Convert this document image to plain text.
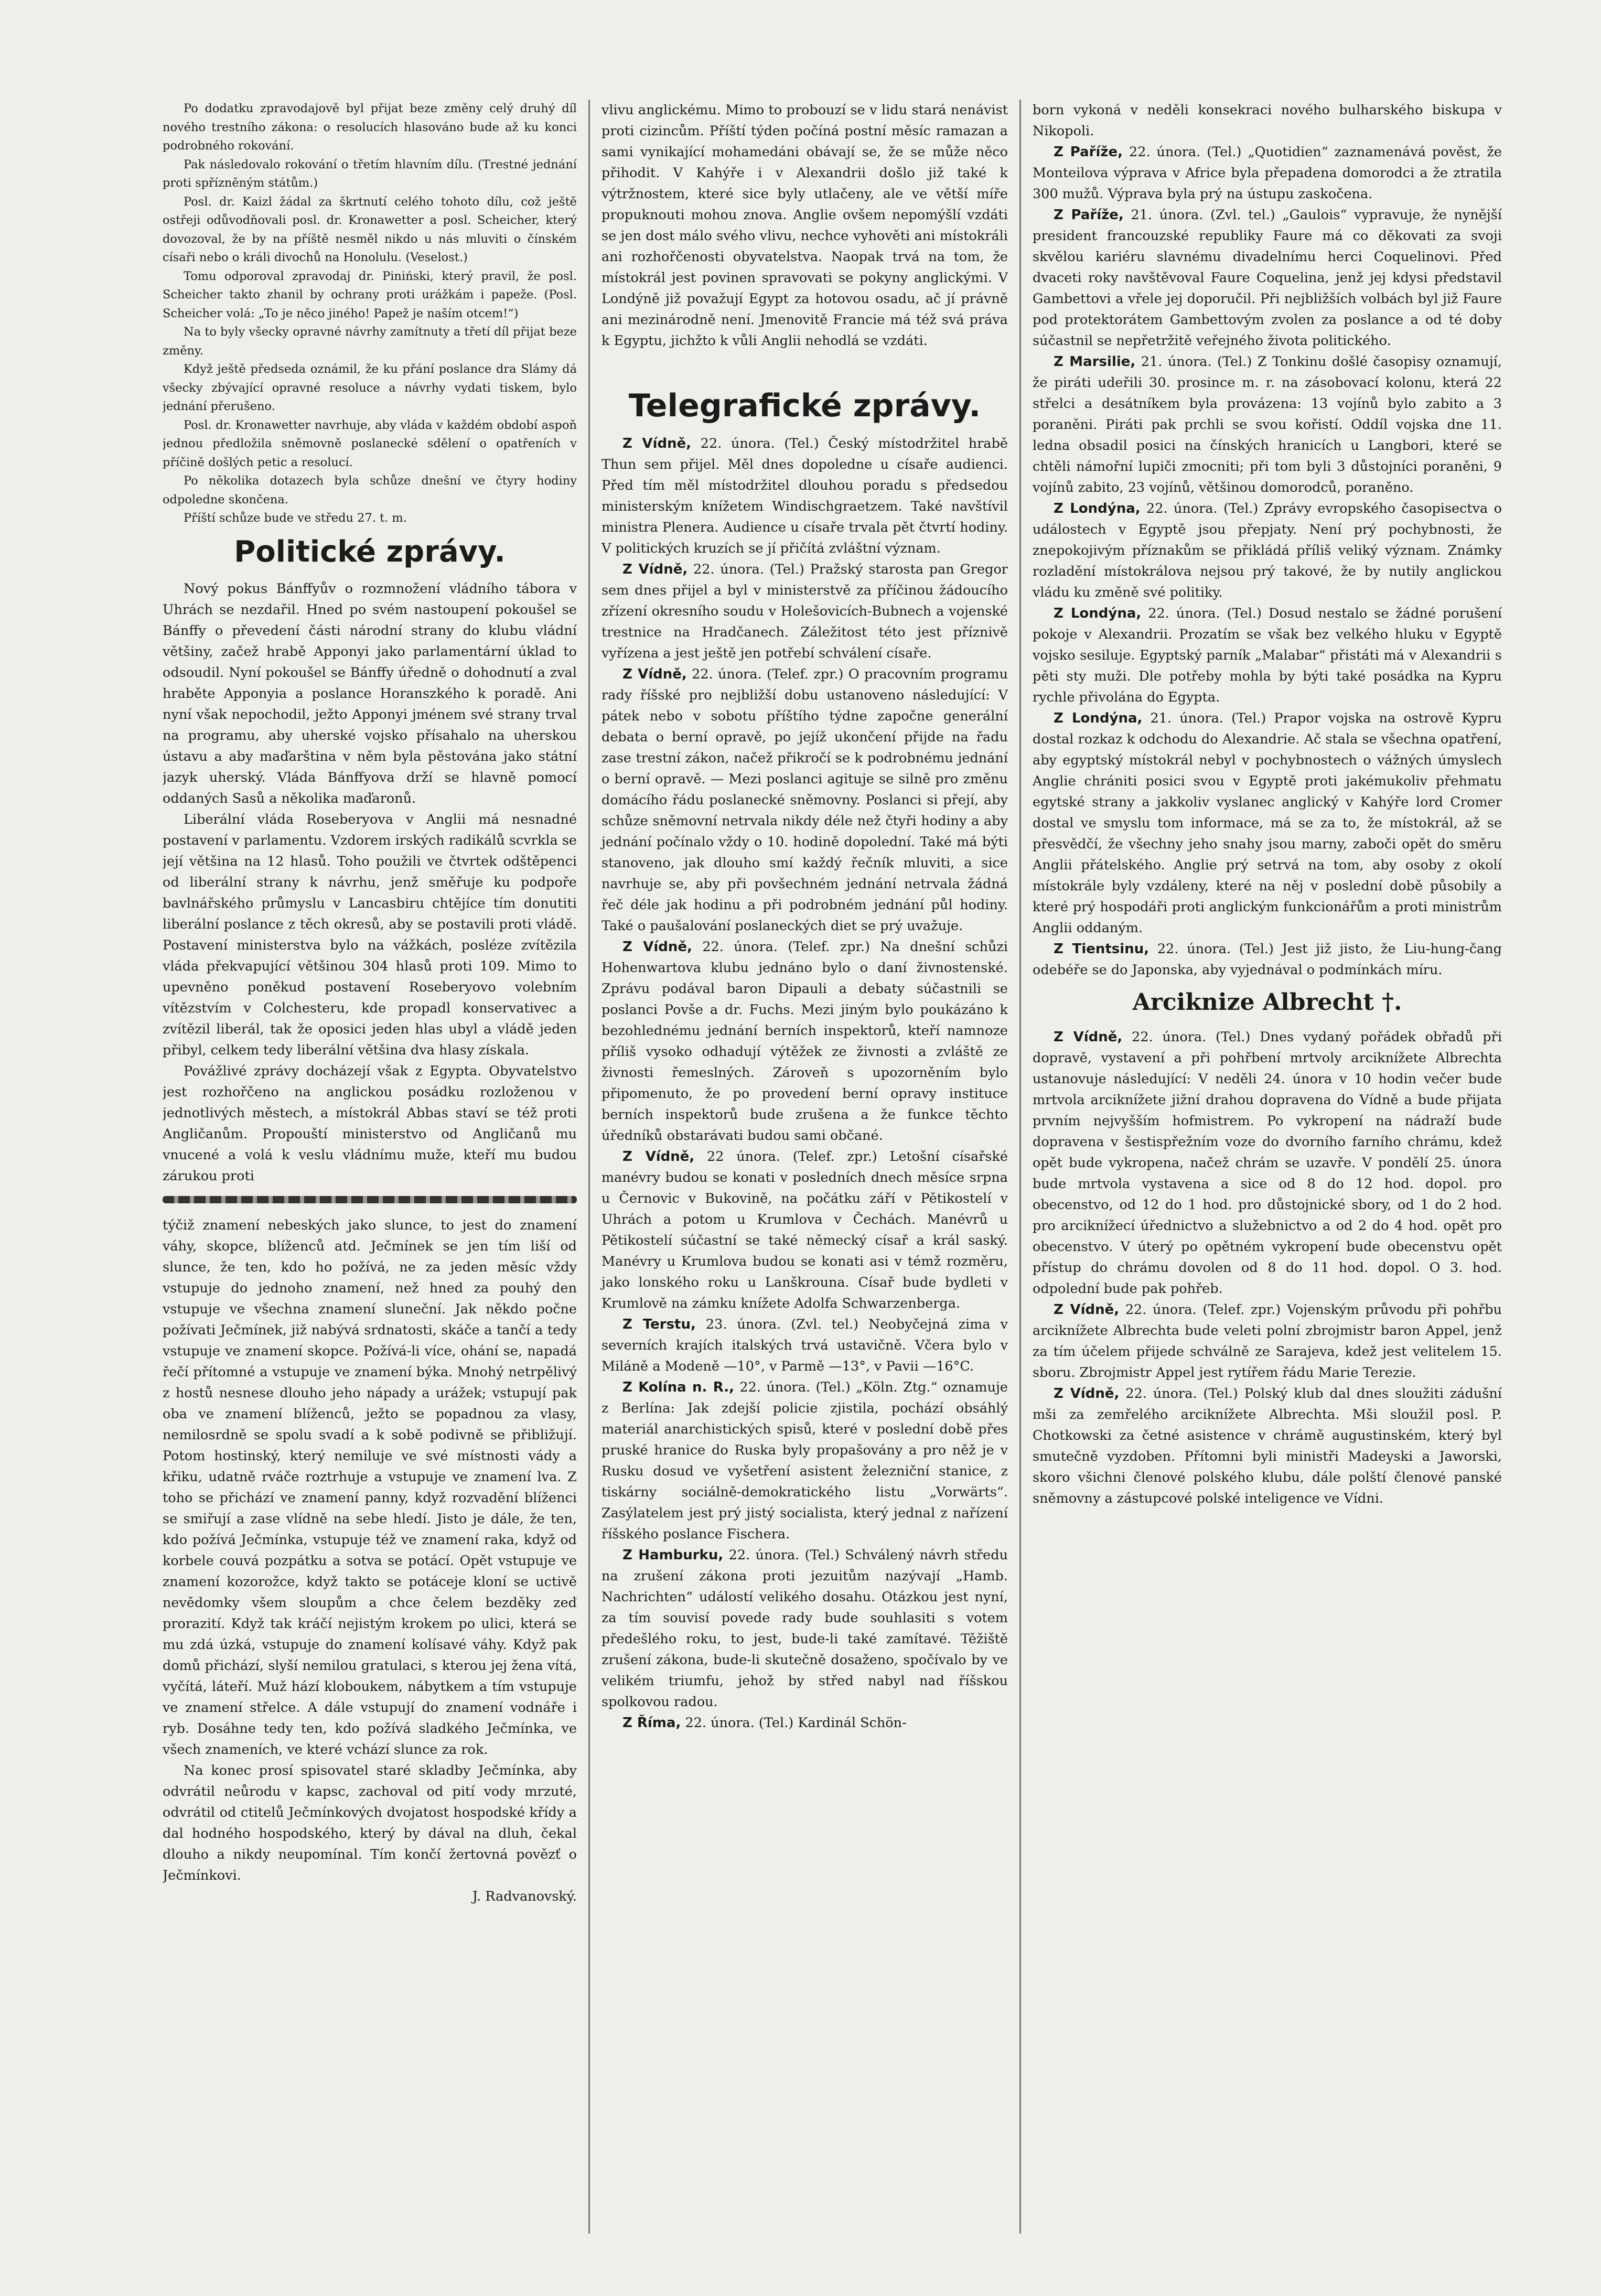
Po dodatku zpravodajově byl přijat beze změny celý druhý díl nového trestního zákona: o resolucích hlasováno bude až ku konci podrobného rokování.

Pak následovalo rokování o třetím hlavním dílu. (Trestné jednání proti spřízněným státům.)

Posl. dr. Kaizl žádal za škrtnutí celého tohoto dílu, což ještě ostřeji odůvodňovali posl. dr. Kronawetter a posl. Scheicher, který dovozoval, že by na příště nesměl nikdo u nás mluviti o čínském císaři nebo o králi divochů na Honolulu. (Veselost.)

Tomu odporoval zpravodaj dr. Piniński, který pravil, že posl. Scheicher takto zhanil by ochrany proti urážkám i papeže. (Posl. Scheicher volá: „To je něco jiného! Papež je naším otcem!“)

Na to byly všecky opravné návrhy zamítnuty a třetí díl přijat beze změny.

Když ještě předseda oznámil, že ku přání poslance dra Slámy dá všecky zbývající opravné resoluce a návrhy vydati tiskem, bylo jednání přerušeno.

Posl. dr. Kronawetter navrhuje, aby vláda v každém období aspoň jednou předložila sněmovně poslanecké sdělení o opatřeních v příčině došlých petic a resolucí.

Po několika dotazech byla schůze dnešní ve čtyry hodiny odpoledne skončena.

Příští schůze bude ve středu 27. t. m.

Politické zprávy.

Nový pokus Bánffyův o rozmnožení vládního tábora v Uhrách se nezdařil. Hned po svém nastoupení pokoušel se Bánffy o převedení části národní strany do klubu vládní většiny, začež hrabě Apponyi jako parlamentární úklad to odsoudil. Nyní pokoušel se Bánffy úředně o dohodnutí a zval hraběte Apponyia a poslance Horanszkého k poradě. Ani nyní však nepochodil, ježto Apponyi jménem své strany trval na programu, aby uherské vojsko přísahalo na uherskou ústavu a aby maďarština v něm byla pěstována jako státní jazyk uherský. Vláda Bánffyova drží se hlavně pomocí oddaných Sasů a několika maďaronů.

Liberální vláda Roseberyova v Anglii má nesnadné postavení v parlamentu. Vzdorem irských radikálů scvrkla se její většina na 12 hlasů. Toho použili ve čtvrtek odštěpenci od liberální strany k návrhu, jenž směřuje ku podpoře bavlnářského průmyslu v Lancasbiru chtějíce tím donutiti liberální poslance z těch okresů, aby se postavili proti vládě. Postavení ministerstva bylo na vážkách, posléze zvítězila vláda překvapující většinou 304 hlasů proti 109. Mimo to upevněno poněkud postavení Roseberyovo volebním vítězstvím v Colchesteru, kde propadl konservativec a zvítězil liberál, tak že oposici jeden hlas ubyl a vládě jeden přibyl, celkem tedy liberální většina dva hlasy získala.

Povážlivé zprávy docházejí však z Egypta. Obyvatelstvo jest rozhořčeno na anglickou posádku rozloženou v jednotlivých městech, a místokrál Abbas staví se též proti Angličanům. Propouští ministerstvo od Angličanů mu vnucené a volá k veslu vládnímu muže, kteří mu budou zárukou proti

týčiž znamení nebeských jako slunce, to jest do znamení váhy, skopce, blíženců atd. Ječmínek se jen tím liší od slunce, že ten, kdo ho požívá, ne za jeden měsíc vždy vstupuje do jednoho znamení, než hned za pouhý den vstupuje ve všechna znamení sluneční. Jak někdo počne požívati Ječmínek, již nabývá srdnatosti, skáče a tančí a tedy vstupuje ve znamení skopce. Požívá-li více, ohání se, napadá řečí přítomné a vstupuje ve znamení býka. Mnohý netrpělivý z hostů nesnese dlouho jeho nápady a urážek; vstupují pak oba ve znamení blíženců, ježto se popadnou za vlasy, nemilosrdně se spolu svadí a k sobě podivně se přibližují. Potom hostinský, který nemiluje ve své místnosti vády a křiku, udatně rváče roztrhuje a vstupuje ve znamení lva. Z toho se přichází ve znamení panny, když rozvadění blíženci se smiřují a zase vlídně na sebe hledí. Jisto je dále, že ten, kdo požívá Ječmínka, vstupuje též ve znamení raka, když od korbele couvá pozpátku a sotva se potácí. Opět vstupuje ve znamení kozorožce, když takto se potáceje kloní se uctivě nevědomky všem sloupům a chce čelem bezděky zeď prorazití. Když tak kráčí nejistým krokem po ulici, která se mu zdá úzká, vstupuje do znamení kolísavé váhy. Když pak domů přichází, slyší nemilou gratulaci, s kterou jej žena vítá, vyčítá, láteří. Muž hází kloboukem, nábytkem a tím vstupuje ve znamení střelce. A dále vstupují do znamení vodnáře i ryb. Dosáhne tedy ten, kdo požívá sladkého Ječmínka, ve všech znameních, ve které vchází slunce za rok.

Na konec prosí spisovatel staré skladby Ječmínka, aby odvrátil neůrodu v kapsc, zachoval od pití vody mrzuté, odvrátil od ctitelů Ječmínkových dvojatost hospodské křídy a dal hodného hospodského, který by dával na dluh, čekal dlouho a nikdy neupomínal. Tím končí žertovná povězť o Ječmínkovi.

J. Radvanovský.

vlivu anglickému. Mimo to probouzí se v lidu stará nenávist proti cizincům. Příští týden počíná postní měsíc ramazan a sami vynikající mohamedáni obávají se, že se může něco přihodit. V Kahýře i v Alexandrii došlo již také k výtržnostem, které sice byly utlačeny, ale ve větší míře propuknouti mohou znova. Anglie ovšem nepomýšlí vzdáti se jen dost málo svého vlivu, nechce vyhověti ani místokráli ani rozhořčenosti obyvatelstva. Naopak trvá na tom, že místokrál jest povinen spravovati se pokyny anglickými. V Londýně již považují Egypt za hotovou osadu, ač jí právně ani mezinárodně není. Jmenovitě Francie má též svá práva k Egyptu, jichžto k vůli Anglii nehodlá se vzdáti.

Telegrafické zprávy.

Z Vídně, 22. února. (Tel.) Český místodržitel hrabě Thun sem přijel. Měl dnes dopoledne u císaře audienci. Před tím měl místodržitel dlouhou poradu s předsedou ministerským knížetem Windischgraetzem. Také navštívil ministra Plenera. Audience u císaře trvala pět čtvrtí hodiny. V politických kruzích se jí přičítá zvláštní význam.

Z Vídně, 22. února. (Tel.) Pražský starosta pan Gregor sem dnes přijel a byl v ministerstvě za příčinou žádoucího zřízení okresního soudu v Holešovicích-Bubnech a vojenské trestnice na Hradčanech. Záležitost této jest příznivě vyřízena a jest ještě jen potřebí schválení císaře.

Z Vídně, 22. února. (Telef. zpr.) O pracovním programu rady říšské pro nejbližší dobu ustanoveno následující: V pátek nebo v sobotu příštího týdne započne generální debata o berní opravě, po jejíž ukončení přijde na řadu zase trestní zákon, načež přikročí se k podrobnému jednání o berní opravě. — Mezi poslanci agituje se silně pro změnu domácího řádu poslanecké sněmovny. Poslanci si přejí, aby schůze sněmovní netrvala nikdy déle než čtyři hodiny a aby jednání počínalo vždy o 10. hodině dopolední. Také má býti stanoveno, jak dlouho smí každý řečník mluviti, a sice navrhuje se, aby při povšechném jednání netrvala žádná řeč déle jak hodinu a při podrobném jednání půl hodiny. Také o paušalování poslaneckých diet se prý uvažuje.

Z Vídně, 22. února. (Telef. zpr.) Na dnešní schůzi Hohenwartova klubu jednáno bylo o daní živnostenské. Zprávu podával baron Dipauli a debaty súčastnili se poslanci Povše a dr. Fuchs. Mezi jiným bylo poukázáno k bezohlednému jednání berních inspektorů, kteří namnoze příliš vysoko odhadují výtěžek ze živnosti a zvláště ze živnosti řemeslných. Zároveň s upozorněním bylo připomenuto, že po provedení berní opravy instituce berních inspektorů bude zrušena a že funkce těchto úředníků obstarávati budou sami občané.

Z Vídně, 22 února. (Telef. zpr.) Letošní císařské manévry budou se konati v posledních dnech měsíce srpna u Černovic v Bukovině, na počátku září v Pětikostelí v Uhrách a potom u Krumlova v Čechách. Manévrů u Pětikostelí súčastní se také německý císař a král saský. Manévry u Krumlova budou se konati asi v témž rozměru, jako lonského roku u Lanškrouna. Císař bude bydleti v Krumlově na zámku knížete Adolfa Schwarzenberga.

Z Terstu, 23. února. (Zvl. tel.) Neobyčejná zima v severních krajích italských trvá ustavičně. Včera bylo v Miláně a Modeně —10°, v Parmě —13°, v Pavii —16°C.

Z Kolína n. R., 22. února. (Tel.) „Köln. Ztg.“ oznamuje z Berlína: Jak zdejší policie zjistila, pochází obsáhlý materiál anarchistických spisů, které v poslední době přes pruské hranice do Ruska byly propašovány a pro něž je v Rusku dosud ve vyšetření asistent železniční stanice, z tiskárny sociálně-demokratického listu „Vorwärts“. Zasýlatelem jest prý jistý socialista, který jednal z nařízení říšského poslance Fischera.

Z Hamburku, 22. února. (Tel.) Schválený návrh středu na zrušení zákona proti jezuitům nazývají „Hamb. Nachrichten“ událostí velikého dosahu. Otázkou jest nyní, za tím souvisí povede rady bude souhlasiti s votem předešlého roku, to jest, bude-li také zamítavé. Těžiště zrušení zákona, bude-li skutečně dosaženo, spočívalo by ve velikém triumfu, jehož by střed nabyl nad říšskou spolkovou radou.

Z Říma, 22. února. (Tel.) Kardinál Schön-

born vykoná v neděli konsekraci nového bulharského biskupa v Nikopoli.

Z Paříže, 22. února. (Tel.) „Quotidien“ zaznamenává pověst, že Monteilova výprava v Africe byla přepadena domorodci a že ztratila 300 mužů. Výprava byla prý na ústupu zaskočena.

Z Paříže, 21. února. (Zvl. tel.) „Gaulois“ vypravuje, že nynější president francouzské republiky Faure má co děkovati za svoji skvělou kariéru slavnému divadelnímu herci Coquelinovi. Před dvaceti roky navštěvoval Faure Coquelina, jenž jej kdysi představil Gambettovi a vřele jej doporučil. Při nejbližších volbách byl již Faure pod protektorátem Gambettovým zvolen za poslance a od té doby súčastnil se nepřetržitě veřejného života politického.

Z Marsilie, 21. února. (Tel.) Z Tonkinu došlé časopisy oznamují, že piráti udeřili 30. prosince m. r. na zásobovací kolonu, která 22 střelci a desátníkem byla provázena: 13 vojínů bylo zabito a 3 poraněni. Piráti pak prchli se svou kořistí. Oddíl vojska dne 11. ledna obsadil posici na čínských hranicích u Langbori, které se chtěli námořní lupiči zmocniti; při tom byli 3 důstojníci poraněni, 9 vojínů zabito, 23 vojínů, většinou domorodců, poraněno.

Z Londýna, 22. února. (Tel.) Zprávy evropského časopisectva o událostech v Egyptě jsou přepjaty. Není prý pochybnosti, že znepokojivým příznakům se přikládá příliš veliký význam. Známky rozladění místokrálova nejsou prý takové, že by nutily anglickou vládu ku změně své politiky.

Z Londýna, 22. února. (Tel.) Dosud nestalo se žádné porušení pokoje v Alexandrii. Prozatím se však bez velkého hluku v Egyptě vojsko sesiluje. Egyptský parník „Malabar“ přistáti má v Alexandrii s pěti sty muži. Dle potřeby mohla by býti také posádka na Kypru rychle přivolána do Egypta.

Z Londýna, 21. února. (Tel.) Prapor vojska na ostrově Kypru dostal rozkaz k odchodu do Alexandrie. Ač stala se všechna opatření, aby egyptský místokrál nebyl v pochybnostech o vážných úmyslech Anglie chrániti posici svou v Egyptě proti jakémukoliv přehmatu egytské strany a jakkoliv vyslanec anglický v Kahýře lord Cromer dostal ve smyslu tom informace, má se za to, že místokrál, až se přesvědčí, že všechny jeho snahy jsou marny, zaboči opět do směru Anglii přátelského. Anglie prý setrvá na tom, aby osoby z okolí místokrále byly vzdáleny, které na něj v poslední době působily a které prý hospodáři proti anglickým funkcionářům a proti ministrům Anglii oddaným.

Z Tientsinu, 22. února. (Tel.) Jest již jisto, že Liu-hung-čang odebéře se do Japonska, aby vyjednával o podmínkách míru.

Arciknize Albrecht †.

Z Vídně, 22. února. (Tel.) Dnes vydaný pořádek obřadů při dopravě, vystavení a při pohřbení mrtvoly arciknížete Albrechta ustanovuje následující: V neděli 24. února v 10 hodin večer bude mrtvola arciknížete jižní drahou dopravena do Vídně a bude přijata prvním nejvyšším hofmistrem. Po vykropení na nádraží bude dopravena v šestispřežním voze do dvorního farního chrámu, kdež opět bude vykropena, načež chrám se uzavře. V pondělí 25. února bude mrtvola vystavena a sice od 8 do 12 hod. dopol. pro obecenstvo, od 12 do 1 hod. pro důstojnické sbory, od 1 do 2 hod. pro arciknížecí úřednictvo a služebnictvo a od 2 do 4 hod. opět pro obecenstvo. V úterý po opětném vykropení bude obecenstvu opět přístup do chrámu dovolen od 8 do 11 hod. dopol. O 3. hod. odpolední bude pak pohřeb.

Z Vídně, 22. února. (Telef. zpr.) Vojenským průvodu při pohřbu arciknížete Albrechta bude veleti polní zbrojmistr baron Appel, jenž za tím účelem přijede schválně ze Sarajeva, kdež jest velitelem 15. sboru. Zbrojmistr Appel jest rytířem řádu Marie Terezie.

Z Vídně, 22. února. (Tel.) Polský klub dal dnes sloužiti zádušní mši za zemřelého arciknížete Albrechta. Mši sloužil posl. P. Chotkowski za četné asistence v chrámě augustinském, který byl smutečně vyzdoben. Přítomni byli ministři Madeyski a Jaworski, skoro všichni členové polského klubu, dále polští členové panské sněmovny a zástupcové polské inteligence ve Vídni.
